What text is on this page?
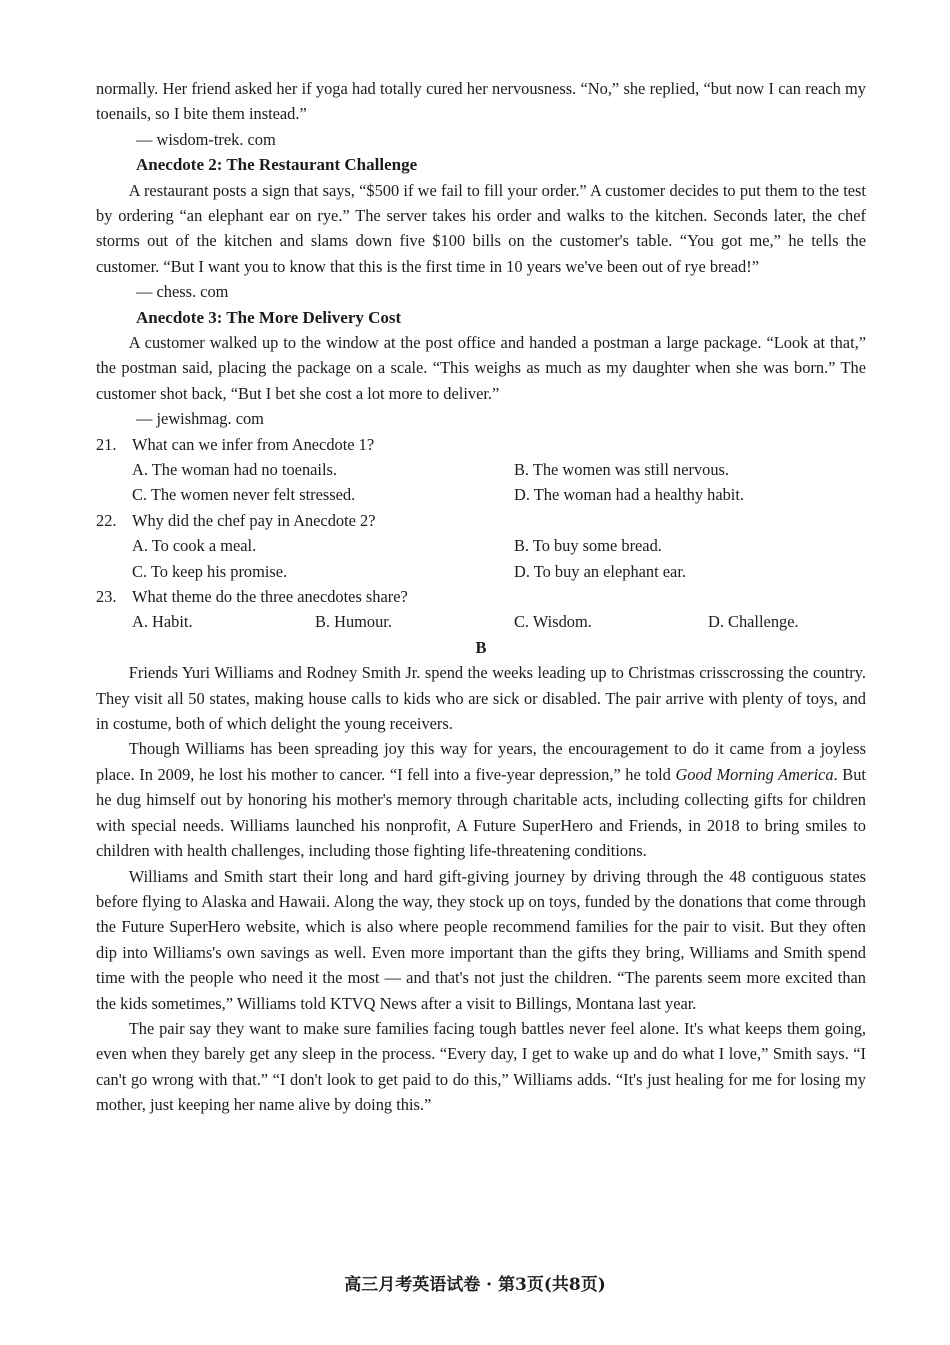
normally. Her friend asked her if yoga had totally cured her nervousness. “No,” she replied, “but now I can reach my toenails, so I bite them instead.”

— wisdom-trek. com

Anecdote 2: The Restaurant Challenge

A restaurant posts a sign that says, “$500 if we fail to fill your order.” A customer decides to put them to the test by ordering “an elephant ear on rye.” The server takes his order and walks to the kitchen. Seconds later, the chef storms out of the kitchen and slams down five $100 bills on the customer's table. “You got me,” he tells the customer. “But I want you to know that this is the first time in 10 years we've been out of rye bread!”

— chess. com

Anecdote 3: The More Delivery Cost

A customer walked up to the window at the post office and handed a postman a large package. “Look at that,” the postman said, placing the package on a scale. “This weighs as much as my daughter when she was born.” The customer shot back, “But I bet she cost a lot more to deliver.”

— jewishmag. com

21. What can we infer from Anecdote 1?

A. The woman had no toenails.	B. The women was still nervous.
C. The women never felt stressed.	D. The woman had a healthy habit.

22. Why did the chef pay in Anecdote 2?

A. To cook a meal.	B. To buy some bread.
C. To keep his promise.	D. To buy an elephant ear.

23. What theme do the three anecdotes share?

A. Habit.	B. Humour.	C. Wisdom.	D. Challenge.

B

Friends Yuri Williams and Rodney Smith Jr. spend the weeks leading up to Christmas crisscrossing the country. They visit all 50 states, making house calls to kids who are sick or disabled. The pair arrive with plenty of toys, and in costume, both of which delight the young receivers.

Though Williams has been spreading joy this way for years, the encouragement to do it came from a joyless place. In 2009, he lost his mother to cancer. “I fell into a five-year depression,” he told Good Morning America. But he dug himself out by honoring his mother's memory through charitable acts, including collecting gifts for children with special needs. Williams launched his nonprofit, A Future SuperHero and Friends, in 2018 to bring smiles to children with health challenges, including those fighting life-threatening conditions.

Williams and Smith start their long and hard gift-giving journey by driving through the 48 contiguous states before flying to Alaska and Hawaii. Along the way, they stock up on toys, funded by the donations that come through the Future SuperHero website, which is also where people recommend families for the pair to visit. But they often dip into Williams's own savings as well. Even more important than the gifts they bring, Williams and Smith spend time with the people who need it the most — and that's not just the children. “The parents seem more excited than the kids sometimes,” Williams told KTVQ News after a visit to Billings, Montana last year.

The pair say they want to make sure families facing tough battles never feel alone. It's what keeps them going, even when they barely get any sleep in the process. “Every day, I get to wake up and do what I love,” Smith says. “I can't go wrong with that.” “I don't look to get paid to do this,” Williams adds. “It's just healing for me for losing my mother, just keeping her name alive by doing this.”

高三月考英语试卷 · 第3页(共8页)
